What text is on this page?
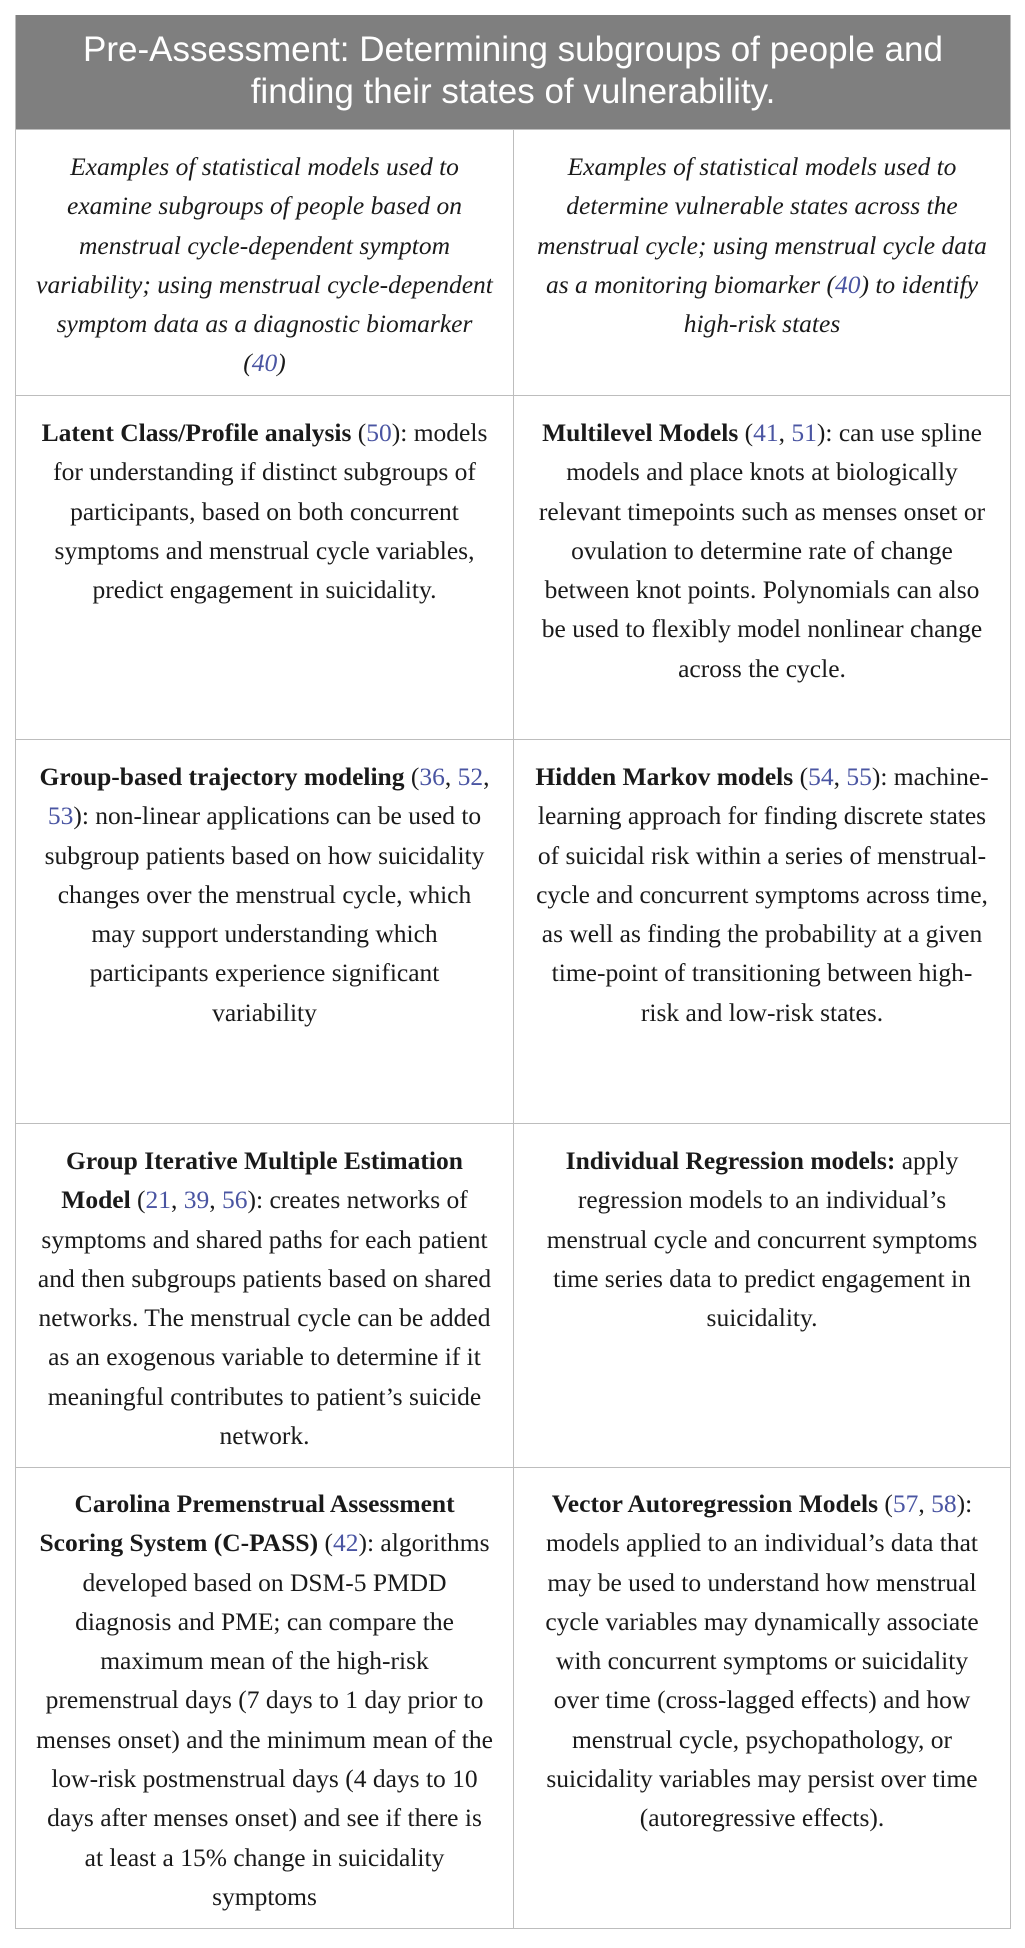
Pre-Assessment: Determining subgroups of people and finding their states of vulnerability.
Examples of statistical models used to examine subgroups of people based on menstrual cycle-dependent symptom variability; using menstrual cycle-dependent symptom data as a diagnostic biomarker (40)
Examples of statistical models used to determine vulnerable states across the menstrual cycle; using menstrual cycle data as a monitoring biomarker (40) to identify high-risk states
Latent Class/Profile analysis (50): models for understanding if distinct subgroups of participants, based on both concurrent symptoms and menstrual cycle variables, predict engagement in suicidality.
Multilevel Models (41, 51): can use spline models and place knots at biologically relevant timepoints such as menses onset or ovulation to determine rate of change between knot points. Polynomials can also be used to flexibly model nonlinear change across the cycle.
Group-based trajectory modeling (36, 52, 53): non-linear applications can be used to subgroup patients based on how suicidality changes over the menstrual cycle, which may support understanding which participants experience significant variability
Hidden Markov models (54, 55): machine-learning approach for finding discrete states of suicidal risk within a series of menstrual-cycle and concurrent symptoms across time, as well as finding the probability at a given time-point of transitioning between high-risk and low-risk states.
Group Iterative Multiple Estimation Model (21, 39, 56): creates networks of symptoms and shared paths for each patient and then subgroups patients based on shared networks. The menstrual cycle can be added as an exogenous variable to determine if it meaningful contributes to patient’s suicide network.
Individual Regression models: apply regression models to an individual’s menstrual cycle and concurrent symptoms time series data to predict engagement in suicidality.
Carolina Premenstrual Assessment Scoring System (C-PASS) (42): algorithms developed based on DSM-5 PMDD diagnosis and PME; can compare the maximum mean of the high-risk premenstrual days (7 days to 1 day prior to menses onset) and the minimum mean of the low-risk postmenstrual days (4 days to 10 days after menses onset) and see if there is at least a 15% change in suicidality symptoms
Vector Autoregression Models (57, 58): models applied to an individual’s data that may be used to understand how menstrual cycle variables may dynamically associate with concurrent symptoms or suicidality over time (cross-lagged effects) and how menstrual cycle, psychopathology, or suicidality variables may persist over time (autoregressive effects).
